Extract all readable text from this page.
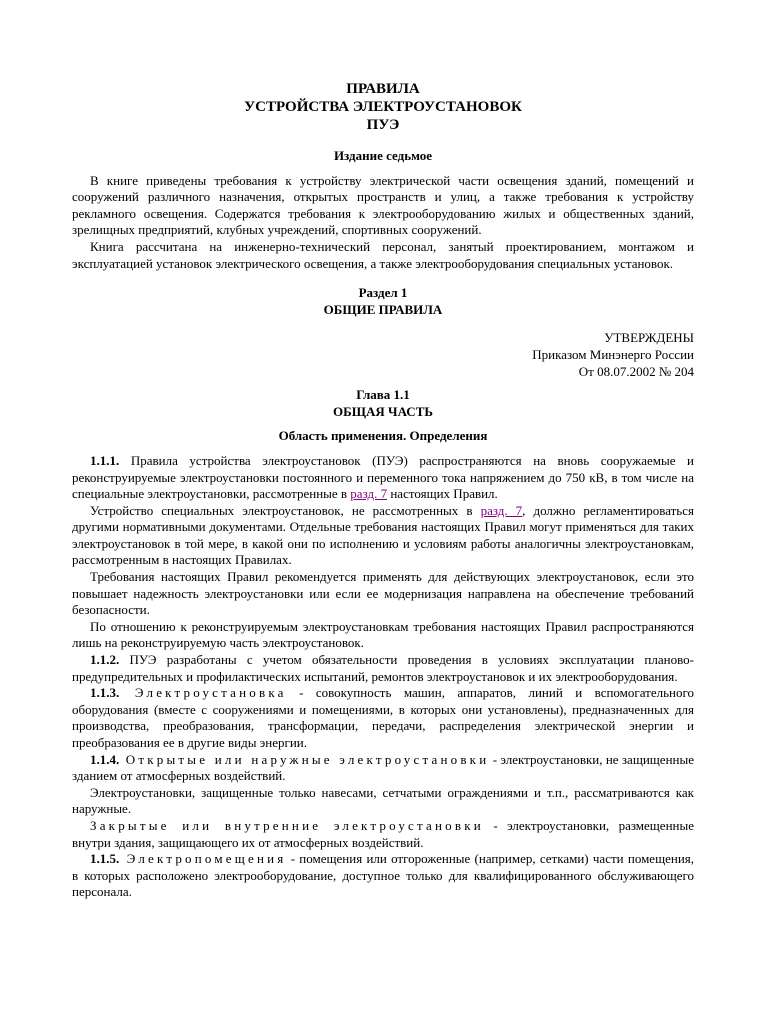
ПРАВИЛА
УСТРОЙСТВА ЭЛЕКТРОУСТАНОВОК
ПУЭ
Издание седьмое

В книге приведены требования к устройству электрической части освещения зданий, помещений и сооружений различного назначения, открытых пространств и улиц, а также требования к устройству рекламного освещения. Содержатся требования к электрооборудованию жилых и общественных зданий, зрелищных предприятий, клубных учреждений, спортивных сооружений.

Книга рассчитана на инженерно-технический персонал, занятый проектированием, монтажом и эксплуатацией установок электрического освещения, а также электрооборудования специальных установок.

Раздел 1
ОБЩИЕ ПРАВИЛА
УТВЕРЖДЕНЫ
Приказом Минэнерго России
От 08.07.2002 № 204
Глава 1.1
ОБЩАЯ ЧАСТЬ
Область применения. Определения

1.1.1. Правила устройства электроустановок (ПУЭ) распространяются на вновь сооружаемые и реконструируемые электроустановки постоянного и переменного тока напряжением до 750 кВ, в том числе на специальные электроустановки, рассмотренные в разд. 7 настоящих Правил.

Устройство специальных электроустановок, не рассмотренных в разд. 7, должно регламентироваться другими нормативными документами. Отдельные требования настоящих Правил могут применяться для таких электроустановок в той мере, в какой они по исполнению и условиям работы аналогичны электроустановкам, рассмотренным в настоящих Правилах.

Требования настоящих Правил рекомендуется применять для действующих электроустановок, если это повышает надежность электроустановки или если ее модернизация направлена на обеспечение требований безопасности.

По отношению к реконструируемым электроустановкам требования настоящих Правил распространяются лишь на реконструируемую часть электроустановок.

1.1.2. ПУЭ разработаны с учетом обязательности проведения в условиях эксплуатации планово-предупредительных и профилактических испытаний, ремонтов электроустановок и их электрооборудования.

1.1.3. Электроустановка - совокупность машин, аппаратов, линий и вспомогательного оборудования (вместе с сооружениями и помещениями, в которых они установлены), предназначенных для производства, преобразования, трансформации, передачи, распределения электрической энергии и преобразования ее в другие виды энергии.

1.1.4. Открытые или наружные электроустановки - электроустановки, не защищенные зданием от атмосферных воздействий.

Электроустановки, защищенные только навесами, сетчатыми ограждениями и т.п., рассматриваются как наружные.

Закрытые или внутренние электроустановки - электроустановки, размещенные внутри здания, защищающего их от атмосферных воздействий.

1.1.5. Электропомещения - помещения или отгороженные (например, сетками) части помещения, в которых расположено электрооборудование, доступное только для квалифицированного обслуживающего персонала.
